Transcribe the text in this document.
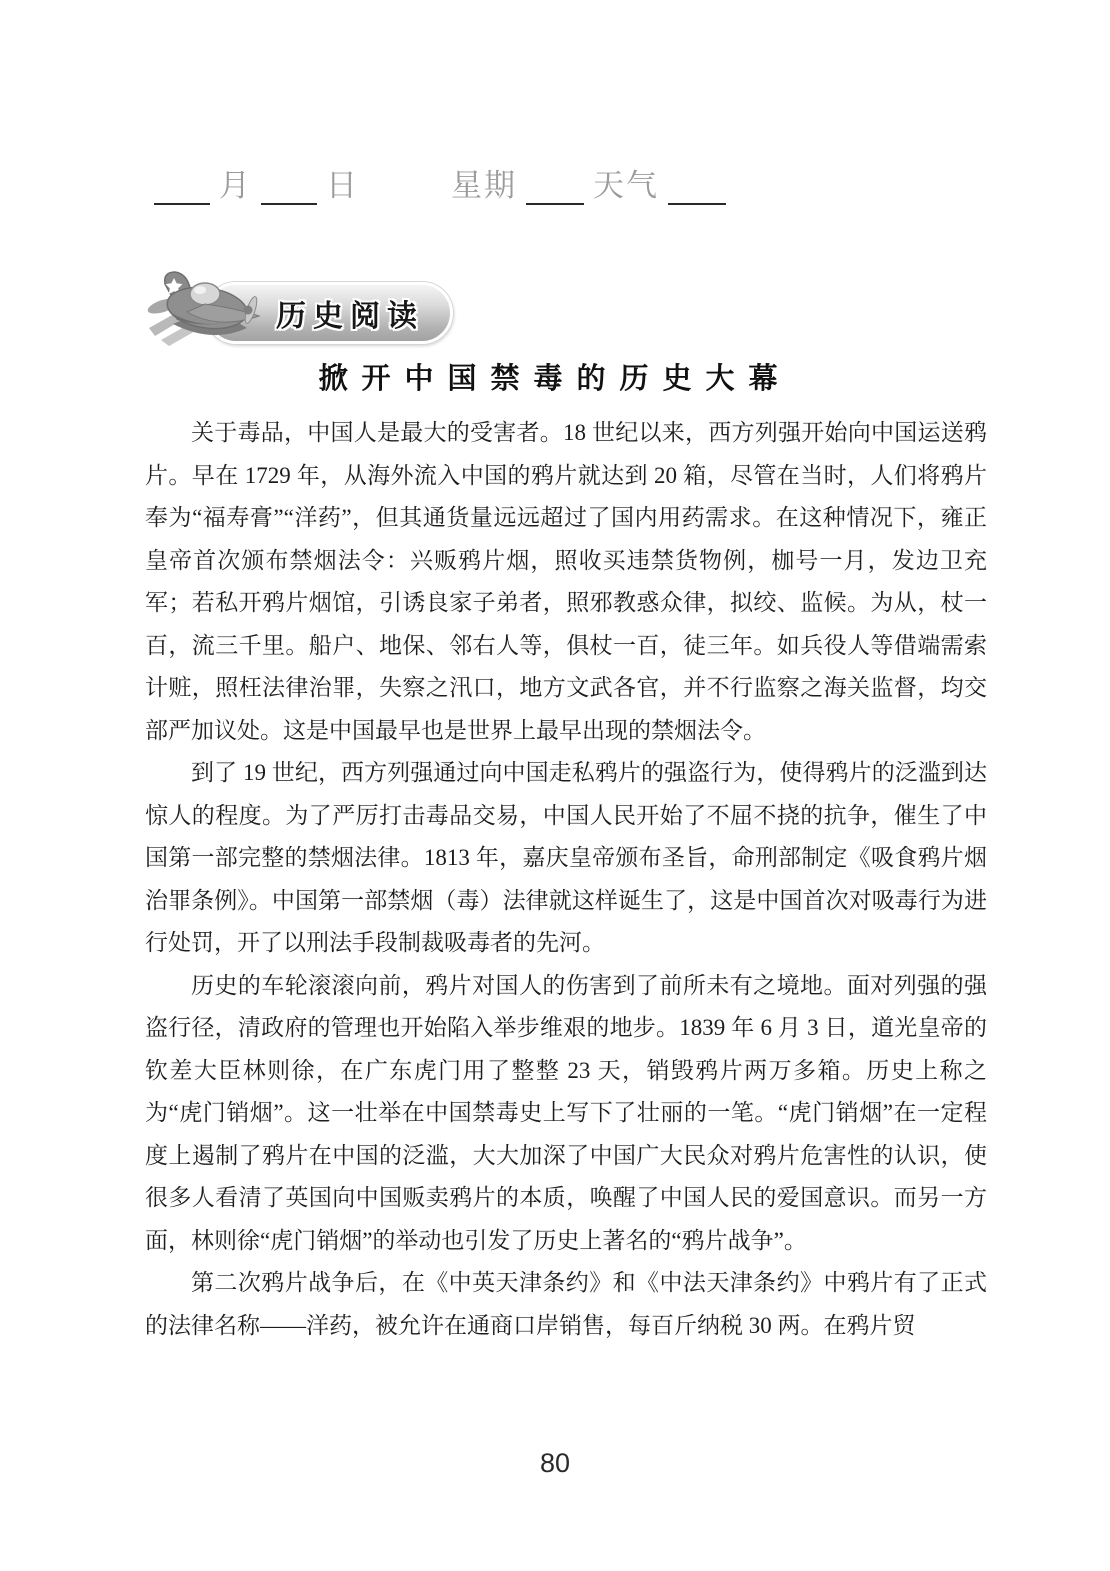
月 日	星期 天气
历史阅读
掀开中国禁毒的历史大幕

关于毒品，中国人是最大的受害者。18 世纪以来，西方列强开始向中国运送鸦片。早在 1729 年，从海外流入中国的鸦片就达到 20 箱，尽管在当时，人们将鸦片奉为“福寿膏”“洋药”，但其通货量远远超过了国内用药需求。在这种情况下，雍正皇帝首次颁布禁烟法令：兴贩鸦片烟，照收买违禁货物例，枷号一月，发边卫充军；若私开鸦片烟馆，引诱良家子弟者，照邪教惑众律，拟绞、监候。为从，杖一百，流三千里。船户、地保、邻右人等，俱杖一百，徒三年。如兵役人等借端需索计赃，照枉法律治罪，失察之汛口，地方文武各官，并不行监察之海关监督，均交部严加议处。这是中国最早也是世界上最早出现的禁烟法令。

到了 19 世纪，西方列强通过向中国走私鸦片的强盗行为，使得鸦片的泛滥到达惊人的程度。为了严厉打击毒品交易，中国人民开始了不屈不挠的抗争，催生了中国第一部完整的禁烟法律。1813 年，嘉庆皇帝颁布圣旨，命刑部制定《吸食鸦片烟治罪条例》。中国第一部禁烟（毒）法律就这样诞生了，这是中国首次对吸毒行为进行处罚，开了以刑法手段制裁吸毒者的先河。

历史的车轮滚滚向前，鸦片对国人的伤害到了前所未有之境地。面对列强的强盗行径，清政府的管理也开始陷入举步维艰的地步。1839 年 6 月 3 日，道光皇帝的钦差大臣林则徐，在广东虎门用了整整 23 天，销毁鸦片两万多箱。历史上称之为“虎门销烟”。这一壮举在中国禁毒史上写下了壮丽的一笔。“虎门销烟”在一定程度上遏制了鸦片在中国的泛滥，大大加深了中国广大民众对鸦片危害性的认识，使很多人看清了英国向中国贩卖鸦片的本质，唤醒了中国人民的爱国意识。而另一方面，林则徐“虎门销烟”的举动也引发了历史上著名的“鸦片战争”。

第二次鸦片战争后，在《中英天津条约》和《中法天津条约》中鸦片有了正式的法律名称——洋药，被允许在通商口岸销售，每百斤纳税 30 两。在鸦片贸

80
